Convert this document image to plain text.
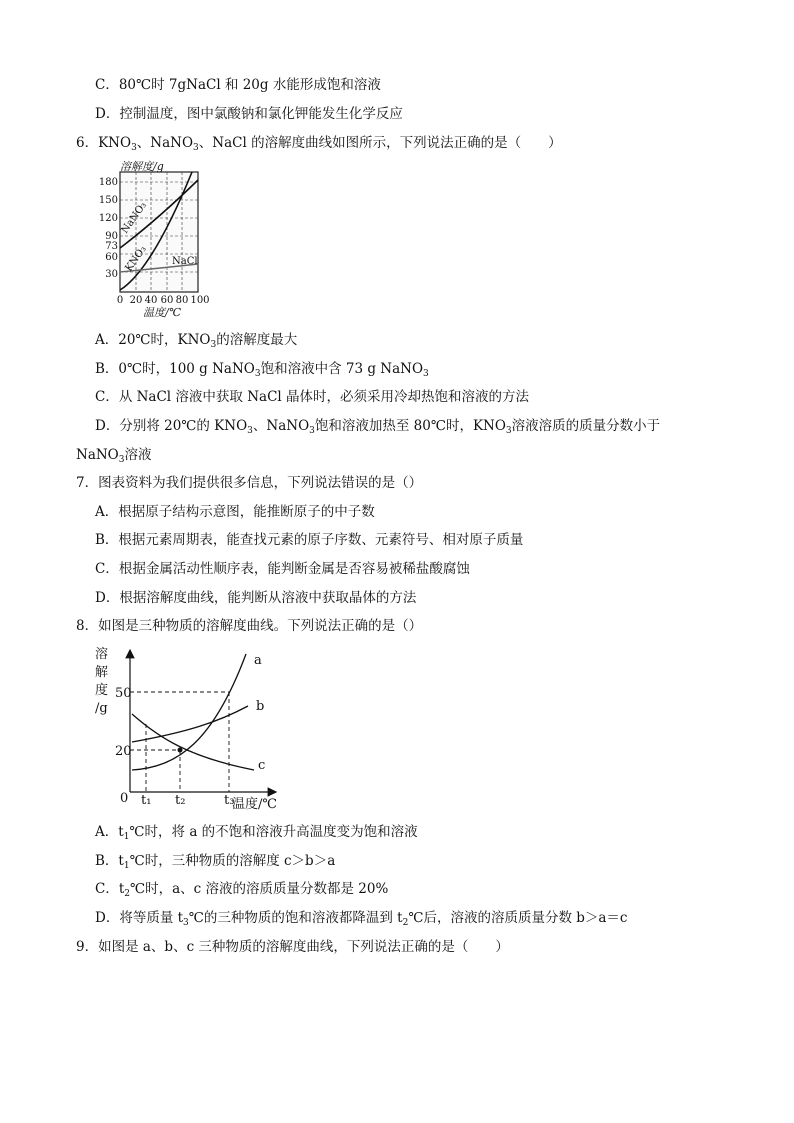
C．80℃时 7gNaCl 和 20g 水能形成饱和溶液
D．控制温度，图中氯酸钠和氯化钾能发生化学反应
6．$KNO_3$、NaNO$_3$、NaCl 的溶解度曲线如图所示，下列说法正确的是（　　）
溶解度/g
180
150
120
90
73
60
30
0 20 40 60 80 100
温度/℃
NaNO₃
KNO₃ NaCl
A．20℃时，$KNO_3$的溶解度最大
B．0℃时，100 g NaNO$_3$饱和溶液中含 73 g NaNO$_3$
C．从 NaCl 溶液中获取 NaCl 晶体时，必须采用冷却热饱和溶液的方法
D．分别将 20℃的 $KNO_3$、NaNO$_3$饱和溶液加热至 80℃时，$KNO_3$溶液溶质的质量分数小于
NaNO$_3$溶液
7．图表资料为我们提供很多信息，下列说法错误的是（）
A．根据原子结构示意图，能推断原子的中子数
B．根据元素周期表，能查找元素的原子序数、元素符号、相对原子质量
C．根据金属活动性顺序表，能判断金属是否容易被稀盐酸腐蚀
D．根据溶解度曲线，能判断从溶液中获取晶体的方法
8．如图是三种物质的溶解度曲线。下列说法正确的是（）
溶
解
度
/g
50
20
0 t₁ t₂	t₃
温度/℃
a
b
c
A．$t_1℃$时，将 a 的不饱和溶液升高温度变为饱和溶液
B．$t_1℃$时，三种物质的溶解度 c＞b＞a
C．$t_2℃$时，a、c 溶液的溶质质量分数都是 20%
D．将等质量 $t_3℃$的三种物质的饱和溶液都降温到 $t_2℃$后，溶液的溶质质量分数 b＞a＝c
9．如图是 a、b、c 三种物质的溶解度曲线，下列说法正确的是（　　）
